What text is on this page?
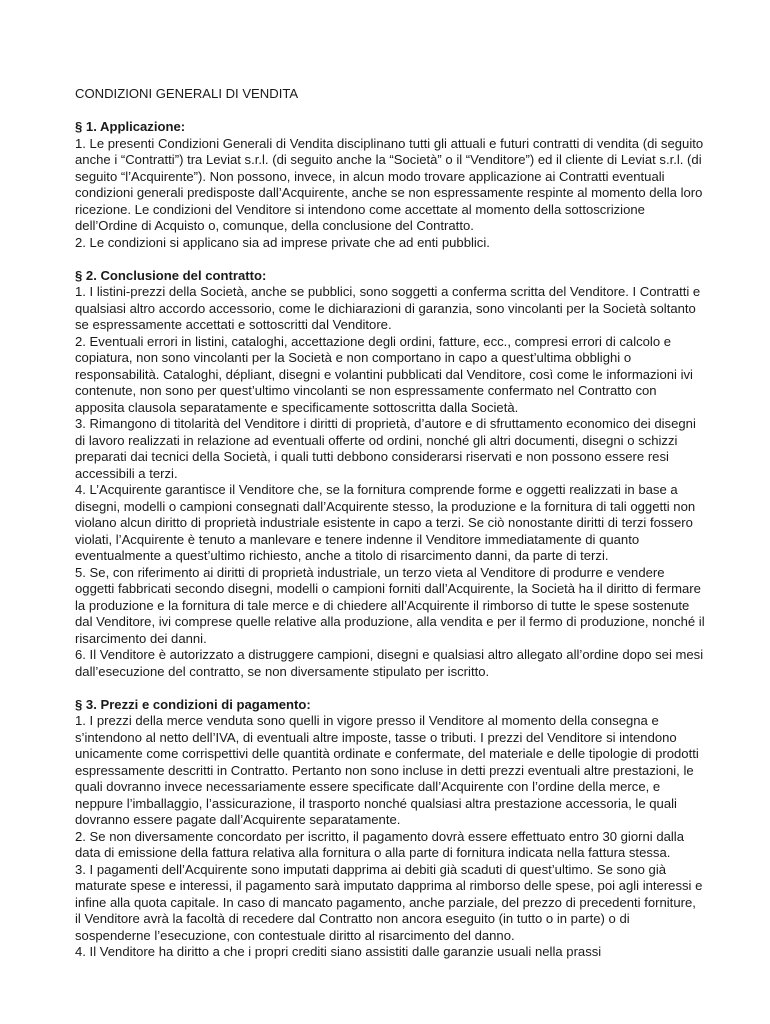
CONDIZIONI GENERALI DI VENDITA
§ 1. Applicazione:

1. Le presenti Condizioni Generali di Vendita disciplinano tutti gli attuali e futuri contratti di vendita (di seguito anche i “Contratti”) tra Leviat s.r.l. (di seguito anche la “Società” o il “Venditore”) ed il cliente di Leviat s.r.l. (di seguito “l’Acquirente”). Non possono, invece, in alcun modo trovare applicazione ai Contratti eventuali condizioni generali predisposte dall’Acquirente, anche se non espressamente respinte al momento della loro ricezione. Le condizioni del Venditore si intendono come accettate al momento della sottoscrizione dell’Ordine di Acquisto o, comunque, della conclusione del Contratto.

2. Le condizioni si applicano sia ad imprese private che ad enti pubblici.

§ 2. Conclusione del contratto:

1. I listini-prezzi della Società, anche se pubblici, sono soggetti a conferma scritta del Venditore. I Contratti e qualsiasi altro accordo accessorio, come le dichiarazioni di garanzia, sono vincolanti per la Società soltanto se espressamente accettati e sottoscritti dal Venditore.

2. Eventuali errori in listini, cataloghi, accettazione degli ordini, fatture, ecc., compresi errori di calcolo e copiatura, non sono vincolanti per la Società e non comportano in capo a quest’ultima obblighi o responsabilità. Cataloghi, dépliant, disegni e volantini pubblicati dal Venditore, così come le informazioni ivi contenute, non sono per quest’ultimo vincolanti se non espressamente confermato nel Contratto con apposita clausola separatamente e specificamente sottoscritta dalla Società.

3. Rimangono di titolarità del Venditore i diritti di proprietà, d’autore e di sfruttamento economico dei disegni di lavoro realizzati in relazione ad eventuali offerte od ordini, nonché gli altri documenti, disegni o schizzi preparati dai tecnici della Società, i quali tutti debbono considerarsi riservati e non possono essere resi accessibili a terzi.

4. L’Acquirente garantisce il Venditore che, se la fornitura comprende forme e oggetti realizzati in base a disegni, modelli o campioni consegnati dall’Acquirente stesso, la produzione e la fornitura di tali oggetti non violano alcun diritto di proprietà industriale esistente in capo a terzi. Se ciò nonostante diritti di terzi fossero violati, l’Acquirente è tenuto a manlevare e tenere indenne il Venditore immediatamente di quanto eventualmente a quest’ultimo richiesto, anche a titolo di risarcimento danni, da parte di terzi.

5. Se, con riferimento ai diritti di proprietà industriale, un terzo vieta al Venditore di produrre e vendere oggetti fabbricati secondo disegni, modelli o campioni forniti dall’Acquirente, la Società ha il diritto di fermare la produzione e la fornitura di tale merce e di chiedere all’Acquirente il rimborso di tutte le spese sostenute dal Venditore, ivi comprese quelle relative alla produzione, alla vendita e per il fermo di produzione, nonché il risarcimento dei danni.

6. Il Venditore è autorizzato a distruggere campioni, disegni e qualsiasi altro allegato all’ordine dopo sei mesi dall’esecuzione del contratto, se non diversamente stipulato per iscritto.

§ 3. Prezzi e condizioni di pagamento:

1. I prezzi della merce venduta sono quelli in vigore presso il Venditore al momento della consegna e s’intendono al netto dell’IVA, di eventuali altre imposte, tasse o tributi. I prezzi del Venditore si intendono unicamente come corrispettivi delle quantità ordinate e confermate, del materiale e delle tipologie di prodotti espressamente descritti in Contratto. Pertanto non sono incluse in detti prezzi eventuali altre prestazioni, le quali dovranno invece necessariamente essere specificate dall’Acquirente con l’ordine della merce, e neppure l’imballaggio, l’assicurazione, il trasporto nonché qualsiasi altra prestazione accessoria, le quali dovranno essere pagate dall’Acquirente separatamente.

2. Se non diversamente concordato per iscritto, il pagamento dovrà essere effettuato entro 30 giorni dalla data di emissione della fattura relativa alla fornitura o alla parte di fornitura indicata nella fattura stessa.

3. I pagamenti dell’Acquirente sono imputati dapprima ai debiti già scaduti di quest’ultimo. Se sono già maturate spese e interessi, il pagamento sarà imputato dapprima al rimborso delle spese, poi agli interessi e infine alla quota capitale. In caso di mancato pagamento, anche parziale, del prezzo di precedenti forniture, il Venditore avrà la facoltà di recedere dal Contratto non ancora eseguito (in tutto o in parte) o di sospenderne l’esecuzione, con contestuale diritto al risarcimento del danno.

4. Il Venditore ha diritto a che i propri crediti siano assistiti dalle garanzie usuali nella prassi
